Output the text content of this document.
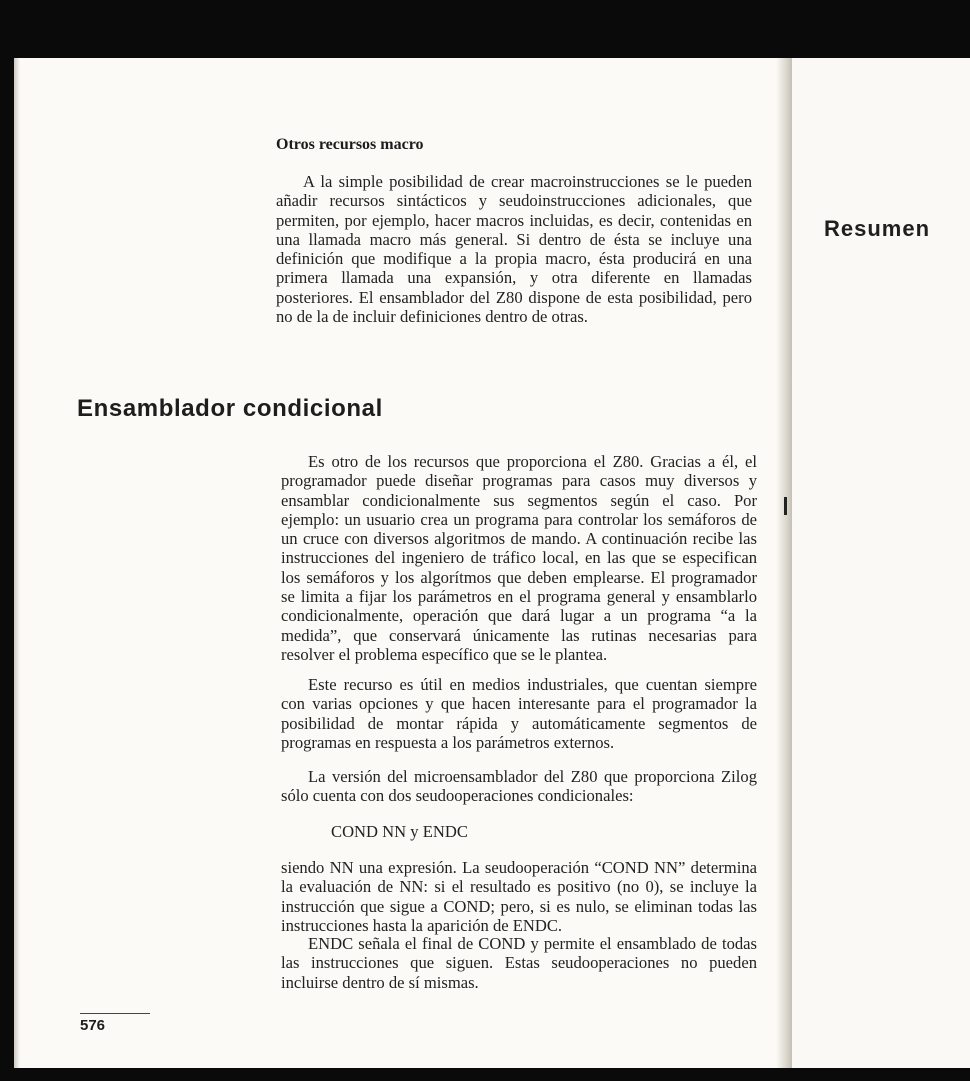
Otros recursos macro
A la simple posibilidad de crear macroinstrucciones se le pueden añadir recursos sintácticos y seudoinstrucciones adicionales, que permiten, por ejemplo, hacer macros incluidas, es decir, contenidas en una llamada macro más general. Si dentro de ésta se incluye una definición que modifique a la propia macro, ésta producirá en una primera llamada una expansión, y otra diferente en llamadas posteriores. El ensamblador del Z80 dispone de esta posibilidad, pero no de la de incluir definiciones dentro de otras.
Ensamblador condicional
Es otro de los recursos que proporciona el Z80. Gracias a él, el programador puede diseñar programas para casos muy diversos y ensamblar condicionalmente sus segmentos según el caso. Por ejemplo: un usuario crea un programa para controlar los semáforos de un cruce con diversos algoritmos de mando. A continuación recibe las instrucciones del ingeniero de tráfico local, en las que se especifican los semáforos y los algorítmos que deben emplearse. El programador se limita a fijar los parámetros en el programa general y ensamblarlo condicionalmente, operación que dará lugar a un programa “a la medida”, que conservará únicamente las rutinas necesarias para resolver el problema específico que se le plantea.
Este recurso es útil en medios industriales, que cuentan siempre con varias opciones y que hacen interesante para el programador la posibilidad de montar rápida y automáticamente segmentos de programas en respuesta a los parámetros externos.
La versión del microensamblador del Z80 que proporciona Zilog sólo cuenta con dos seudooperaciones condicionales:
COND NN y ENDC
siendo NN una expresión. La seudooperación “COND NN” determina la evaluación de NN: si el resultado es positivo (no 0), se incluye la instrucción que sigue a COND; pero, si es nulo, se eliminan todas las instrucciones hasta la aparición de ENDC.
ENDC señala el final de COND y permite el ensamblado de todas las instrucciones que siguen. Estas seudooperaciones no pueden incluirse dentro de sí mismas.
576
Resumen
